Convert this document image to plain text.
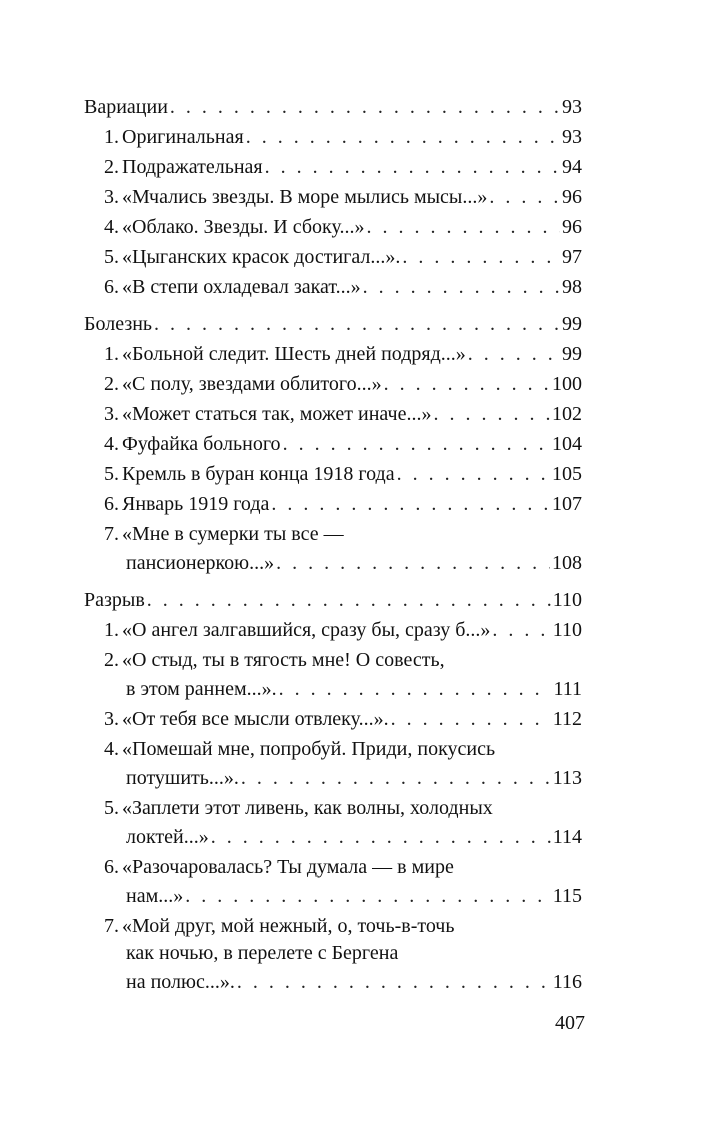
Вариации . . .	93
1. Оригинальная . . .	93
2. Подражательная . . .	94
3. «Мчались звезды. В море мылись мысы...» . . .	96
4. «Облако. Звезды. И сбоку...» . . .	96
5. «Цыганских красок достигал...». . . .	97
6. «В степи охладевал закат...» . . .	98
Болезнь . . .	99
1. «Больной следит. Шесть дней подряд...» . . .	99
2. «С полу, звездами облитого...» . . .	100
3. «Может статься так, может иначе...» . . .	102
4. Фуфайка больного . . .	104
5. Кремль в буран конца 1918 года . . .	105
6. Январь 1919 года . . .	107
7. «Мне в сумерки ты все —
пансионеркою...» . . .	108
Разрыв . . .	110
1. «О ангел залгавшийся, сразу бы, сразу б...» . . .	110
2. «О стыд, ты в тягость мне! О совесть,
в этом раннем...». . . .	111
3. «От тебя все мысли отвлеку...». . . .	112
4. «Помешай мне, попробуй. Приди, покусись
потушить...». . . .	113
5. «Заплети этот ливень, как волны, холодных
локтей...» . . .	114
6. «Разочаровалась? Ты думала — в мире
нам...» . . .	115
7. «Мой друг, мой нежный, о, точь-в-точь
как ночью, в перелете с Бергена
на полюс...». . . .	116
407
